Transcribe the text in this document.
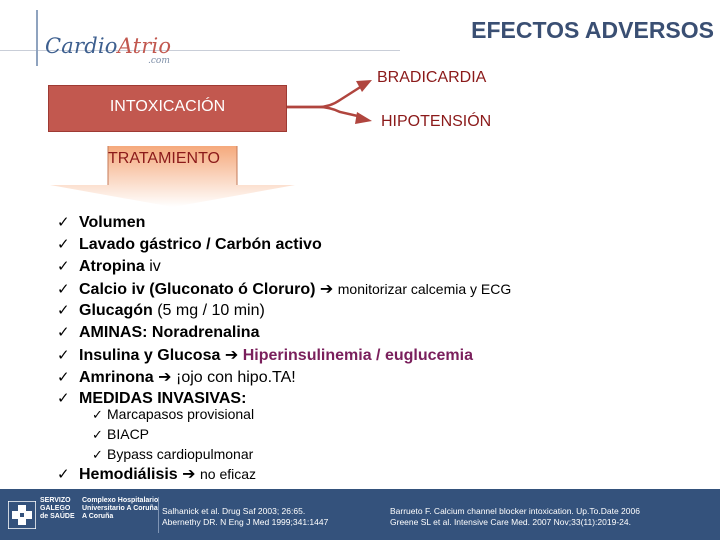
CardioAtrio
.com
EFECTOS ADVERSOS
INTOXICACIÓN
BRADICARDIA
HIPOTENSIÓN
TRATAMIENTO
✓ Volumen
✓ Lavado gástrico / Carbón activo
✓ Atropina iv
✓ Calcio iv (Gluconato ó Cloruro) ➔ monitorizar calcemia y ECG
✓ Glucagón (5 mg / 10 min)
✓ AMINAS: Noradrenalina
✓ Insulina y Glucosa ➔ Hiperinsulinemia / euglucemia
✓ Amrinona ➔ ¡ojo con hipo.TA!
✓ MEDIDAS INVASIVAS:
✓ Hemodiálisis ➔ no eficaz
✓ Marcapasos provisional
✓ BIACP
✓ Bypass cardiopulmonar
SERVIZO
GALEGO
de SAÚDE
Complexo Hospitalario
Universitario A Coruña
A Coruña
Salhanick et al. Drug Saf 2003; 26:65.
Abernethy DR. N Eng J Med 1999;341:1447
Barrueto F. Calcium channel blocker intoxication. Up.To.Date 2006
Greene SL et al. Intensive Care Med. 2007 Nov;33(11):2019-24.
